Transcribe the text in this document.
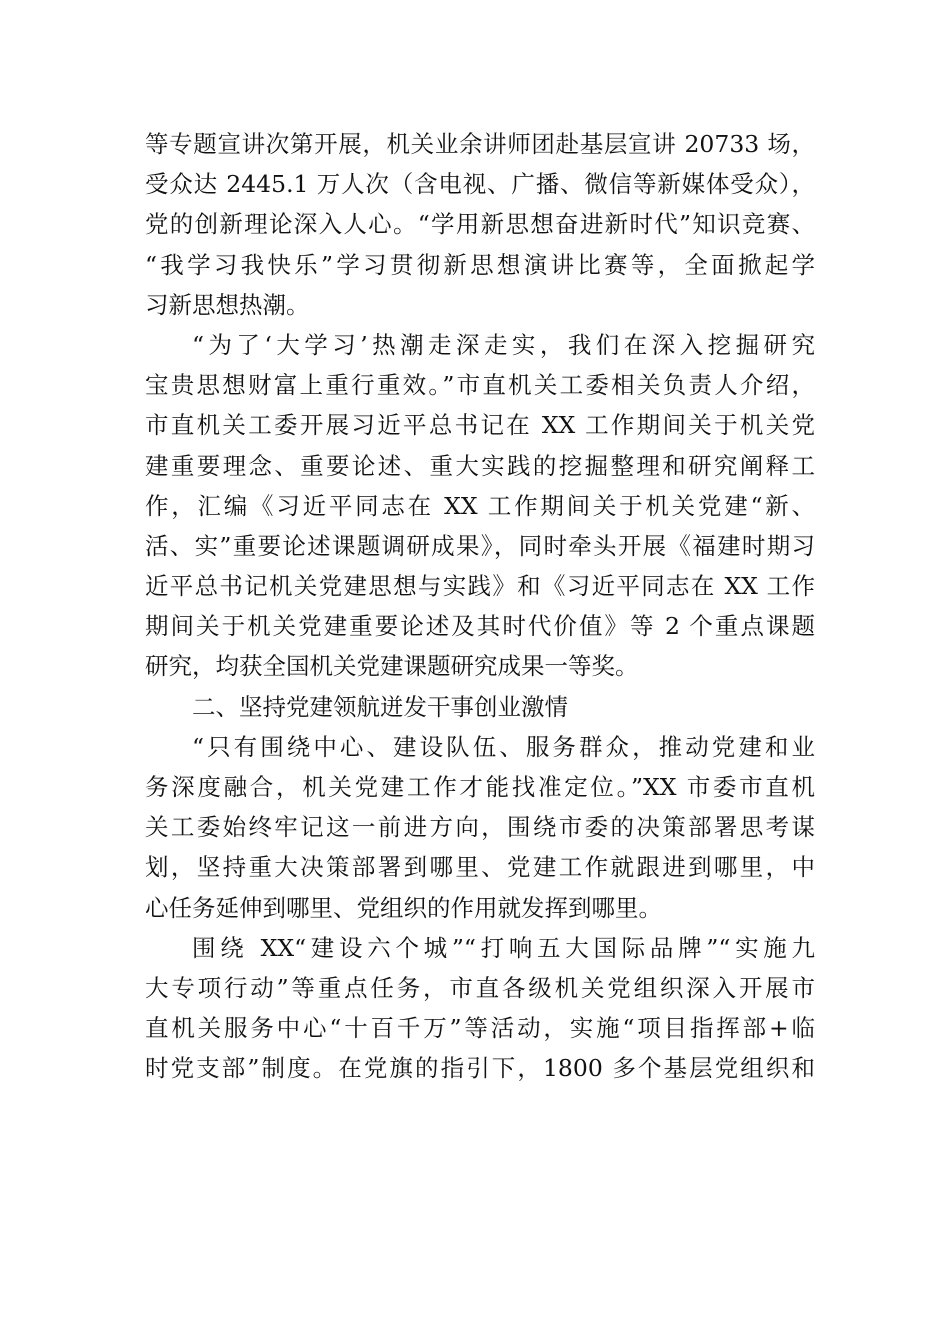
等专题宣讲次第开展，机关业余讲师团赴基层宣讲 20733 场，
受众达 2445.1 万人次（含电视、广播、微信等新媒体受众），
党的创新理论深入人心。“学用新思想奋进新时代”知识竞赛、
“我学习我快乐”学习贯彻新思想演讲比赛等，全面掀起学
习新思想热潮。
“为了‘大学习’热潮走深走实，我们在深入挖掘研究
宝贵思想财富上重行重效。”市直机关工委相关负责人介绍，
市直机关工委开展习近平总书记在 XX 工作期间关于机关党
建重要理念、重要论述、重大实践的挖掘整理和研究阐释工
作，汇编《习近平同志在 XX 工作期间关于机关党建“新、
活、实”重要论述课题调研成果》，同时牵头开展《福建时期习
近平总书记机关党建思想与实践》和《习近平同志在 XX 工作
期间关于机关党建重要论述及其时代价值》等 2 个重点课题
研究，均获全国机关党建课题研究成果一等奖。
二、坚持党建领航迸发干事创业激情
“只有围绕中心、建设队伍、服务群众，推动党建和业
务深度融合，机关党建工作才能找准定位。”XX 市委市直机
关工委始终牢记这一前进方向，围绕市委的决策部署思考谋
划，坚持重大决策部署到哪里、党建工作就跟进到哪里，中
心任务延伸到哪里、党组织的作用就发挥到哪里。
围绕 XX“建设六个城”“打响五大国际品牌”“实施九
大专项行动”等重点任务，市直各级机关党组织深入开展市
直机关服务中心“十百千万”等活动，实施“项目指挥部+临
时党支部”制度。在党旗的指引下，1800 多个基层党组织和
